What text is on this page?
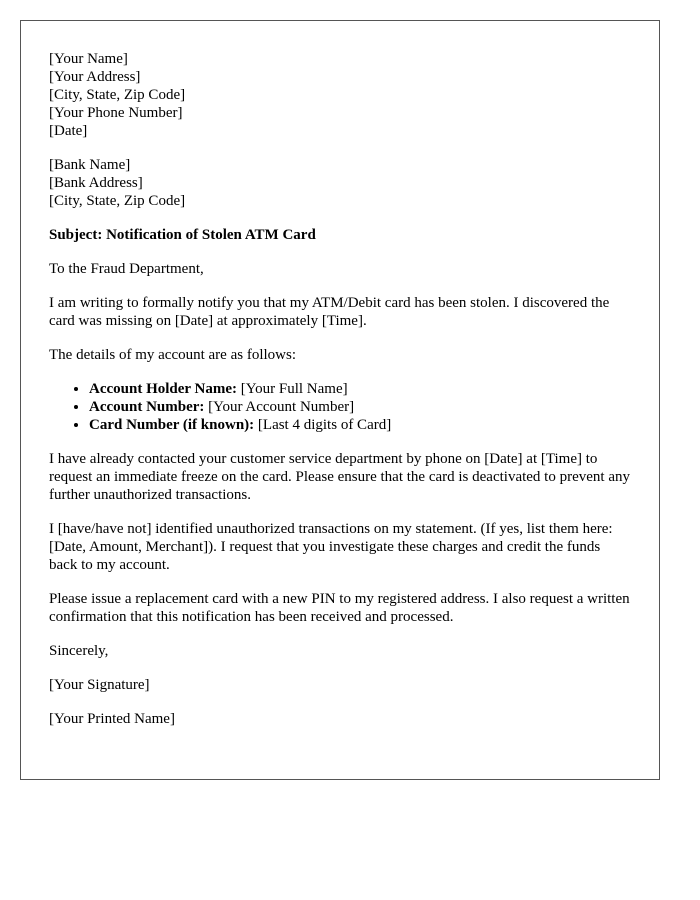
[Your Name]
[Your Address]
[City, State, Zip Code]
[Your Phone Number]
[Date]
[Bank Name]
[Bank Address]
[City, State, Zip Code]

Subject: Notification of Stolen ATM Card

To the Fraud Department,

I am writing to formally notify you that my ATM/Debit card has been stolen. I discovered the card was missing on [Date] at approximately [Time].

The details of my account are as follows:

• Account Holder Name: [Your Full Name]
• Account Number: [Your Account Number]
• Card Number (if known): [Last 4 digits of Card]

I have already contacted your customer service department by phone on [Date] at [Time] to request an immediate freeze on the card. Please ensure that the card is deactivated to prevent any further unauthorized transactions.

I [have/have not] identified unauthorized transactions on my statement. (If yes, list them here: [Date, Amount, Merchant]). I request that you investigate these charges and credit the funds back to my account.

Please issue a replacement card with a new PIN to my registered address. I also request a written confirmation that this notification has been received and processed.

Sincerely,

[Your Signature]

[Your Printed Name]
